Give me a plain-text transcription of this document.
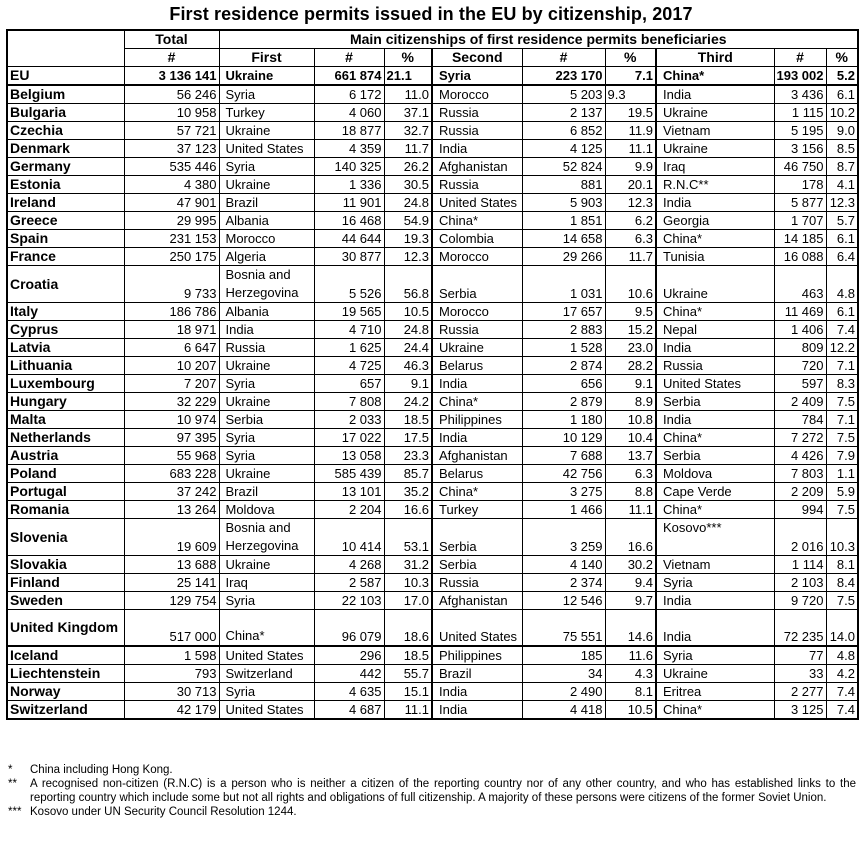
First residence permits issued in the EU by citizenship, 2017
	Total	Main citizenships of first residence permits beneficiaries								
	#	First	#	%	Second	#	%	Third	#	%
EU	3 136 141	Ukraine	661 874	21.1	Syria	223 170	7.1	China*	193 002	5.2
Belgium	56 246	Syria	6 172	11.0	Morocco	5 203	9.3	India	3 436	6.1
Bulgaria	10 958	Turkey	4 060	37.1	Russia	2 137	19.5	Ukraine	1 115	10.2
Czechia	57 721	Ukraine	18 877	32.7	Russia	6 852	11.9	Vietnam	5 195	9.0
Denmark	37 123	United States	4 359	11.7	India	4 125	11.1	Ukraine	3 156	8.5
Germany	535 446	Syria	140 325	26.2	Afghanistan	52 824	9.9	Iraq	46 750	8.7
Estonia	4 380	Ukraine	1 336	30.5	Russia	881	20.1	R.N.C**	178	4.1
Ireland	47 901	Brazil	11 901	24.8	United States	5 903	12.3	India	5 877	12.3
Greece	29 995	Albania	16 468	54.9	China*	1 851	6.2	Georgia	1 707	5.7
Spain	231 153	Morocco	44 644	19.3	Colombia	14 658	6.3	China*	14 185	6.1
France	250 175	Algeria	30 877	12.3	Morocco	29 266	11.7	Tunisia	16 088	6.4
Croatia	9 733	Bosnia and Herzegovina	5 526	56.8	Serbia	1 031	10.6	Ukraine	463	4.8
Italy	186 786	Albania	19 565	10.5	Morocco	17 657	9.5	China*	11 469	6.1
Cyprus	18 971	India	4 710	24.8	Russia	2 883	15.2	Nepal	1 406	7.4
Latvia	6 647	Russia	1 625	24.4	Ukraine	1 528	23.0	India	809	12.2
Lithuania	10 207	Ukraine	4 725	46.3	Belarus	2 874	28.2	Russia	720	7.1
Luxembourg	7 207	Syria	657	9.1	India	656	9.1	United States	597	8.3
Hungary	32 229	Ukraine	7 808	24.2	China*	2 879	8.9	Serbia	2 409	7.5
Malta	10 974	Serbia	2 033	18.5	Philippines	1 180	10.8	India	784	7.1
Netherlands	97 395	Syria	17 022	17.5	India	10 129	10.4	China*	7 272	7.5
Austria	55 968	Syria	13 058	23.3	Afghanistan	7 688	13.7	Serbia	4 426	7.9
Poland	683 228	Ukraine	585 439	85.7	Belarus	42 756	6.3	Moldova	7 803	1.1
Portugal	37 242	Brazil	13 101	35.2	China*	3 275	8.8	Cape Verde	2 209	5.9
Romania	13 264	Moldova	2 204	16.6	Turkey	1 466	11.1	China*	994	7.5
Slovenia	19 609	Bosnia and Herzegovina	10 414	53.1	Serbia	3 259	16.6	Kosovo***	2 016	10.3
Slovakia	13 688	Ukraine	4 268	31.2	Serbia	4 140	30.2	Vietnam	1 114	8.1
Finland	25 141	Iraq	2 587	10.3	Russia	2 374	9.4	Syria	2 103	8.4
Sweden	129 754	Syria	22 103	17.0	Afghanistan	12 546	9.7	India	9 720	7.5
United Kingdom	517 000	China*	96 079	18.6	United States	75 551	14.6	India	72 235	14.0
Iceland	1 598	United States	296	18.5	Philippines	185	11.6	Syria	77	4.8
Liechtenstein	793	Switzerland	442	55.7	Brazil	34	4.3	Ukraine	33	4.2
Norway	30 713	Syria	4 635	15.1	India	2 490	8.1	Eritrea	2 277	7.4
Switzerland	42 179	United States	4 687	11.1	India	4 418	10.5	China*	3 125	7.4
*	China including Hong Kong.
**	A recognised non-citizen (R.N.C) is a person who is neither a citizen of the reporting country nor of any other country, and who has established links to the reporting country which include some but not all rights and obligations of full citizenship. A majority of these persons were citizens of the former Soviet Union.
*** Kosovo under UN Security Council Resolution 1244.
